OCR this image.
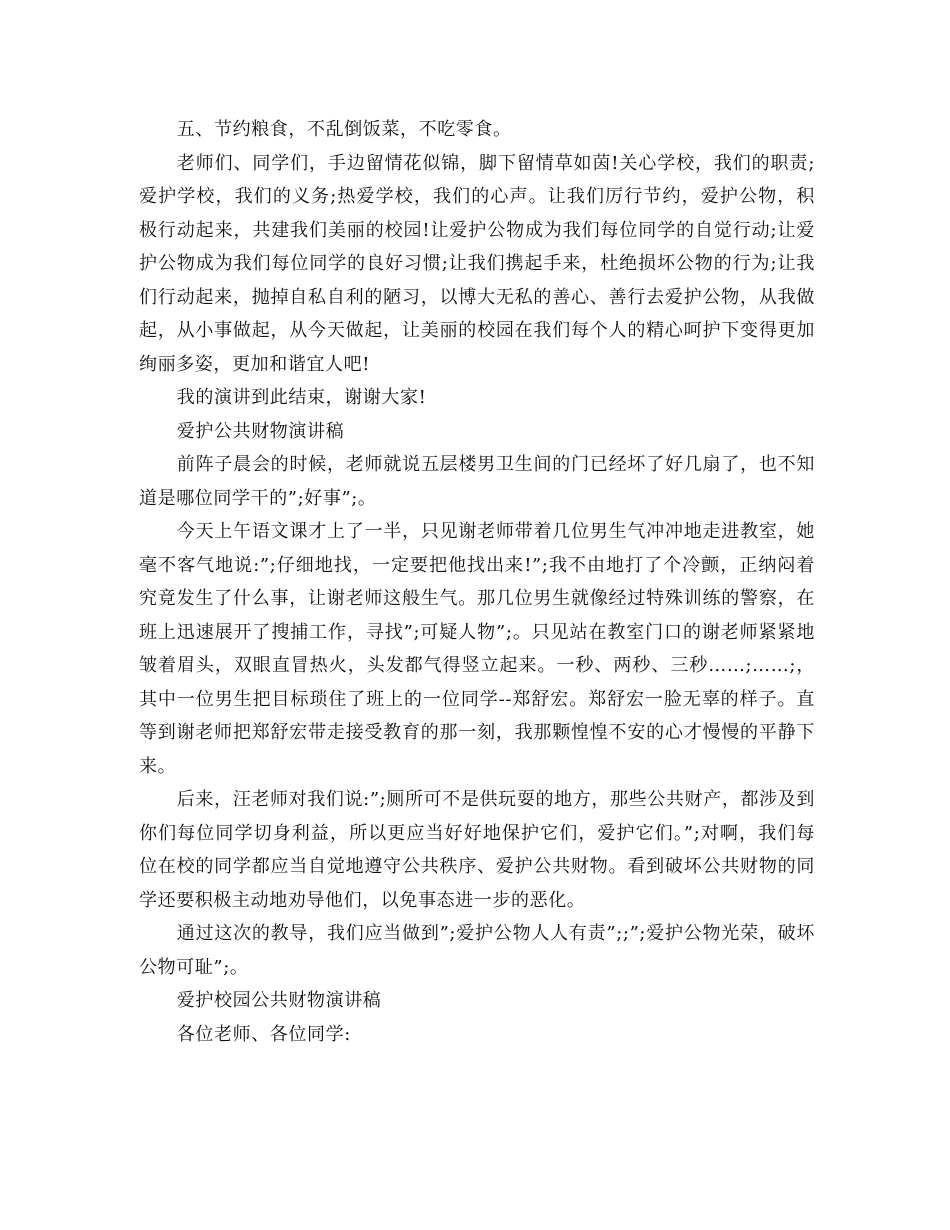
五、节约粮食，不乱倒饭菜，不吃零食。

老师们、同学们，手边留情花似锦，脚下留情草如茵!关心学校，我们的职责;爱护学校，我们的义务;热爱学校，我们的心声。让我们厉行节约，爱护公物，积极行动起来，共建我们美丽的校园!让爱护公物成为我们每位同学的自觉行动;让爱护公物成为我们每位同学的良好习惯;让我们携起手来，杜绝损坏公物的行为;让我们行动起来，抛掉自私自利的陋习，以博大无私的善心、善行去爱护公物，从我做起，从小事做起，从今天做起，让美丽的校园在我们每个人的精心呵护下变得更加绚丽多姿，更加和谐宜人吧!

我的演讲到此结束，谢谢大家!

爱护公共财物演讲稿

前阵子晨会的时候，老师就说五层楼男卫生间的门已经坏了好几扇了，也不知道是哪位同学干的”;好事”;。

今天上午语文课才上了一半，只见谢老师带着几位男生气冲冲地走进教室，她毫不客气地说:”;仔细地找，一定要把他找出来!”;我不由地打了个冷颤，正纳闷着究竟发生了什么事，让谢老师这般生气。那几位男生就像经过特殊训练的警察，在班上迅速展开了搜捕工作，寻找”;可疑人物”;。只见站在教室门口的谢老师紧紧地皱着眉头，双眼直冒热火，头发都气得竖立起来。一秒、两秒、三秒……;……;，其中一位男生把目标琐住了班上的一位同学--郑舒宏。郑舒宏一脸无辜的样子。直等到谢老师把郑舒宏带走接受教育的那一刻，我那颗惶惶不安的心才慢慢的平静下来。

后来，汪老师对我们说:”;厕所可不是供玩耍的地方，那些公共财产，都涉及到你们每位同学切身利益，所以更应当好好地保护它们，爱护它们。”;对啊，我们每位在校的同学都应当自觉地遵守公共秩序、爱护公共财物。看到破坏公共财物的同学还要积极主动地劝导他们，以免事态进一步的恶化。

通过这次的教导，我们应当做到”;爱护公物人人有责”;;”;爱护公物光荣，破坏公物可耻”;。

爱护校园公共财物演讲稿

各位老师、各位同学:
